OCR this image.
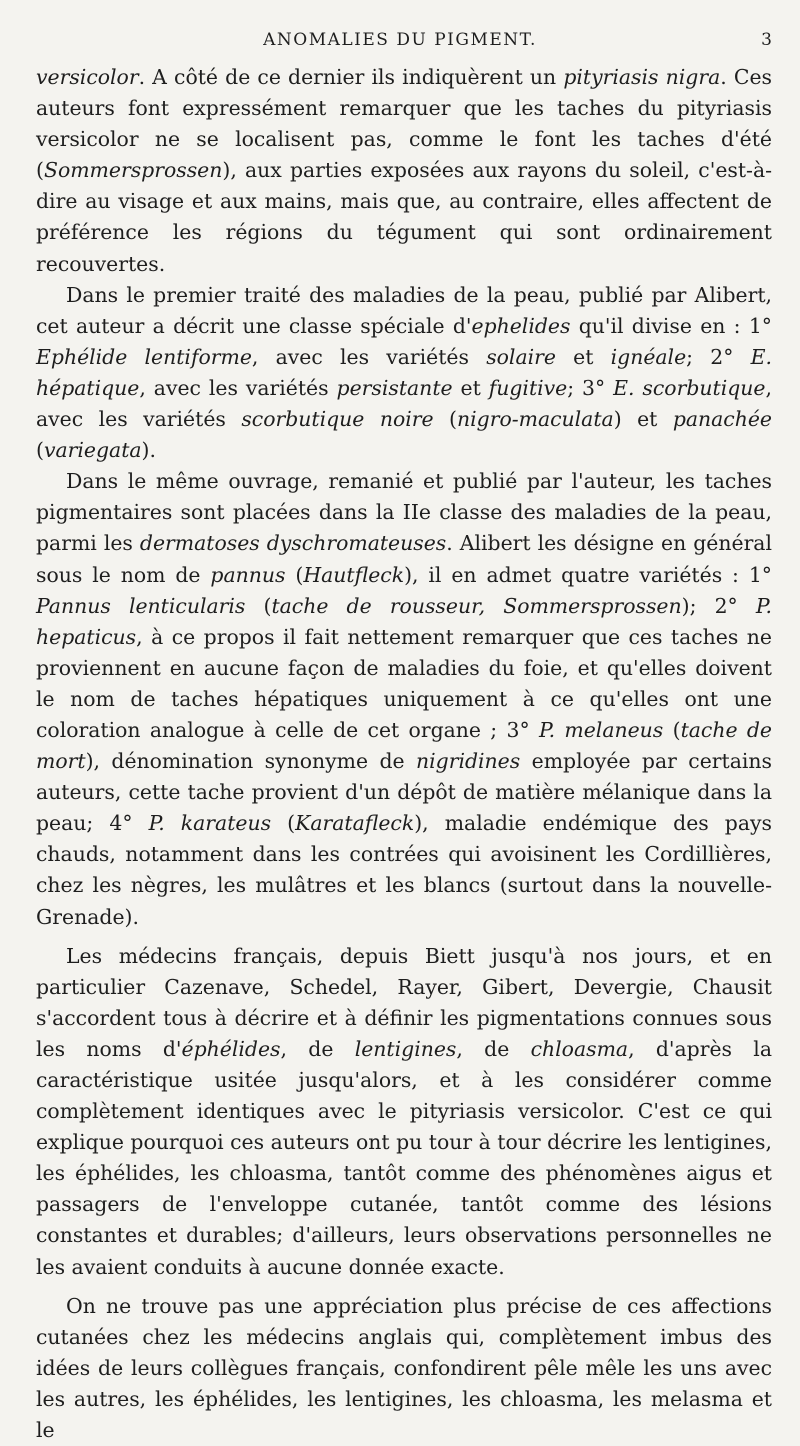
ANOMALIES DU PIGMENT.	3

versicolor. A côté de ce dernier ils indiquèrent un pityriasis nigra. Ces auteurs font expressément remarquer que les taches du pityriasis versicolor ne se localisent pas, comme le font les taches d'été (Sommersprossen), aux parties exposées aux rayons du soleil, c'est-à-dire au visage et aux mains, mais que, au contraire, elles affectent de préférence les régions du tégument qui sont ordinairement recouvertes.

Dans le premier traité des maladies de la peau, publié par Alibert, cet auteur a décrit une classe spéciale d'ephelides qu'il divise en : 1° Ephélide lentiforme, avec les variétés solaire et ignéale; 2° E. hépatique, avec les variétés persistante et fugitive; 3° E. scorbutique, avec les variétés scorbutique noire (nigro-maculata) et panachée (variegata).

Dans le même ouvrage, remanié et publié par l'auteur, les taches pigmentaires sont placées dans la IIe classe des maladies de la peau, parmi les dermatoses dyschromateuses. Alibert les désigne en général sous le nom de pannus (Hautfleck), il en admet quatre variétés : 1° Pannus lenticularis (tache de rousseur, Sommersprossen); 2° P. hepaticus, à ce propos il fait nettement remarquer que ces taches ne proviennent en aucune façon de maladies du foie, et qu'elles doivent le nom de taches hépatiques uniquement à ce qu'elles ont une coloration analogue à celle de cet organe ; 3° P. melaneus (tache de mort), dénomination synonyme de nigridines employée par certains auteurs, cette tache provient d'un dépôt de matière mélanique dans la peau; 4° P. karateus (Karatafleck), maladie endémique des pays chauds, notamment dans les contrées qui avoisinent les Cordillières, chez les nègres, les mulâtres et les blancs (surtout dans la nouvelle-Grenade).

Les médecins français, depuis Biett jusqu'à nos jours, et en particulier Cazenave, Schedel, Rayer, Gibert, Devergie, Chausit s'accordent tous à décrire et à définir les pigmentations connues sous les noms d'éphélides, de lentigines, de chloasma, d'après la caractéristique usitée jusqu'alors, et à les considérer comme complètement identiques avec le pityriasis versicolor. C'est ce qui explique pourquoi ces auteurs ont pu tour à tour décrire les lentigines, les éphélides, les chloasma, tantôt comme des phénomènes aigus et passagers de l'enveloppe cutanée, tantôt comme des lésions constantes et durables; d'ailleurs, leurs observations personnelles ne les avaient conduits à aucune donnée exacte.

On ne trouve pas une appréciation plus précise de ces affections cutanées chez les médecins anglais qui, complètement imbus des idées de leurs collègues français, confondirent pêle mêle les uns avec les autres, les éphélides, les lentigines, les chloasma, les melasma et le
